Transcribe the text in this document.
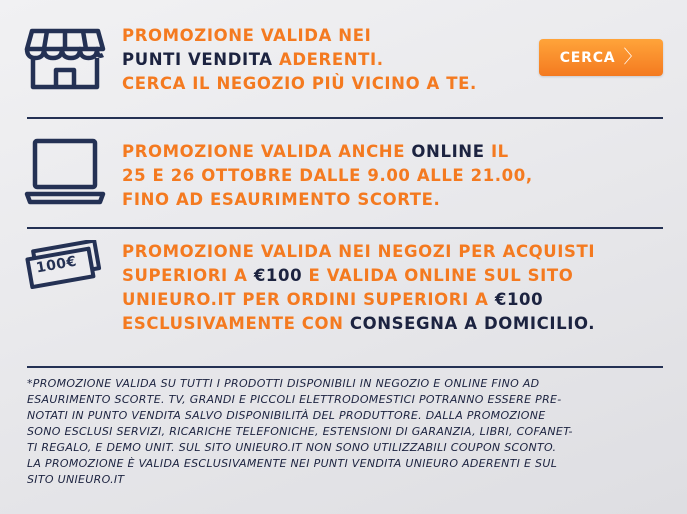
PROMOZIONE VALIDA NEI
PUNTI VENDITA ADERENTI.
CERCA IL NEGOZIO PIÙ VICINO A TE.
CERCA 〉
PROMOZIONE VALIDA ANCHE ONLINE IL
25 E 26 OTTOBRE DALLE 9.00 ALLE 21.00,
FINO AD ESAURIMENTO SCORTE.
100€
PROMOZIONE VALIDA NEI NEGOZI PER ACQUISTI
SUPERIORI A €100 E VALIDA ONLINE SUL SITO
UNIEURO.IT PER ORDINI SUPERIORI A €100
ESCLUSIVAMENTE CON CONSEGNA A DOMICILIO.
*PROMOZIONE VALIDA SU TUTTI I PRODOTTI DISPONIBILI IN NEGOZIO E ONLINE FINO AD
ESAURIMENTO SCORTE. TV, GRANDI E PICCOLI ELETTRODOMESTICI POTRANNO ESSERE PRE-
NOTATI IN PUNTO VENDITA SALVO DISPONIBILITÀ DEL PRODUTTORE. DALLA PROMOZIONE
SONO ESCLUSI SERVIZI, RICARICHE TELEFONICHE, ESTENSIONI DI GARANZIA, LIBRI, COFANET-
TI REGALO, E DEMO UNIT. SUL SITO UNIEURO.IT NON SONO UTILIZZABILI COUPON SCONTO.
LA PROMOZIONE È VALIDA ESCLUSIVAMENTE NEI PUNTI VENDITA UNIEURO ADERENTI E SUL
SITO UNIEURO.IT
